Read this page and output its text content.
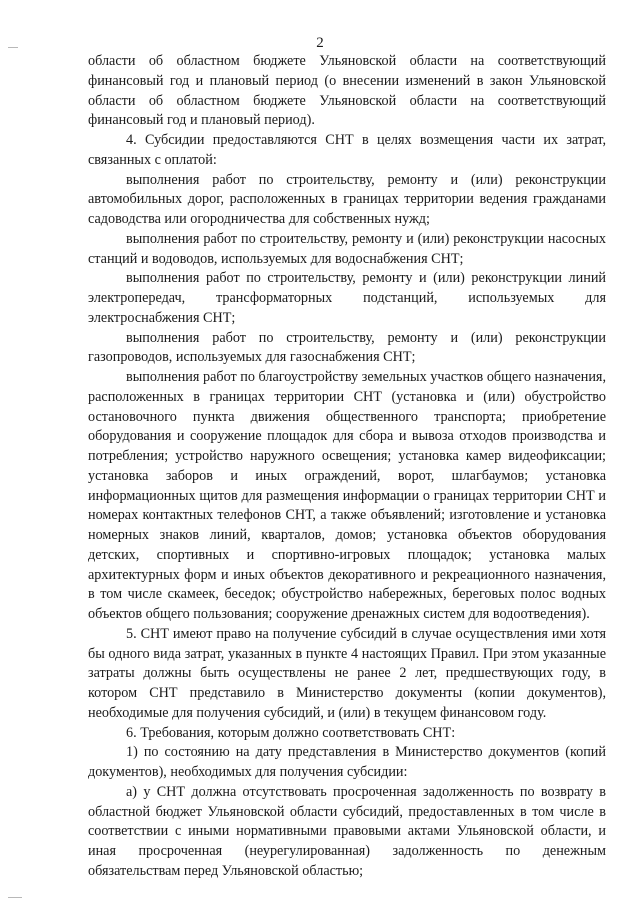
2

области об областном бюджете Ульяновской области на соответствующий финансовый год и плановый период (о внесении изменений в закон Ульяновской области об областном бюджете Ульяновской области на соответствующий финансовый год и плановый период).

4. Субсидии предоставляются СНТ в целях возмещения части их затрат, связанных с оплатой:

выполнения работ по строительству, ремонту и (или) реконструкции автомобильных дорог, расположенных в границах территории ведения гражданами садоводства или огородничества для собственных нужд;

выполнения работ по строительству, ремонту и (или) реконструкции насосных станций и водоводов, используемых для водоснабжения СНТ;

выполнения работ по строительству, ремонту и (или) реконструкции линий электропередач, трансформаторных подстанций, используемых для электроснабжения СНТ;

выполнения работ по строительству, ремонту и (или) реконструкции газопроводов, используемых для газоснабжения СНТ;

выполнения работ по благоустройству земельных участков общего назначения, расположенных в границах территории СНТ (установка и (или) обустройство остановочного пункта движения общественного транспорта; приобретение оборудования и сооружение площадок для сбора и вывоза отходов производства и потребления; устройство наружного освещения; установка камер видеофиксации; установка заборов и иных ограждений, ворот, шлагбаумов; установка информационных щитов для размещения информации о границах территории СНТ и номерах контактных телефонов СНТ, а также объявлений; изготовление и установка номерных знаков линий, кварталов, домов; установка объектов оборудования детских, спортивных и спортивно-игровых площадок; установка малых архитектурных форм и иных объектов декоративного и рекреационного назначения, в том числе скамеек, беседок; обустройство набережных, береговых полос водных объектов общего пользования; сооружение дренажных систем для водоотведения).

5. СНТ имеют право на получение субсидий в случае осуществления ими хотя бы одного вида затрат, указанных в пункте 4 настоящих Правил. При этом указанные затраты должны быть осуществлены не ранее 2 лет, предшествующих году, в котором СНТ представило в Министерство документы (копии документов), необходимые для получения субсидий, и (или) в текущем финансовом году.

6. Требования, которым должно соответствовать СНТ:

1) по состоянию на дату представления в Министерство документов (копий документов), необходимых для получения субсидии:

а) у СНТ должна отсутствовать просроченная задолженность по возврату в областной бюджет Ульяновской области субсидий, предоставленных в том числе в соответствии с иными нормативными правовыми актами Ульяновской области, и иная просроченная (неурегулированная) задолженность по денежным обязательствам перед Ульяновской областью;
